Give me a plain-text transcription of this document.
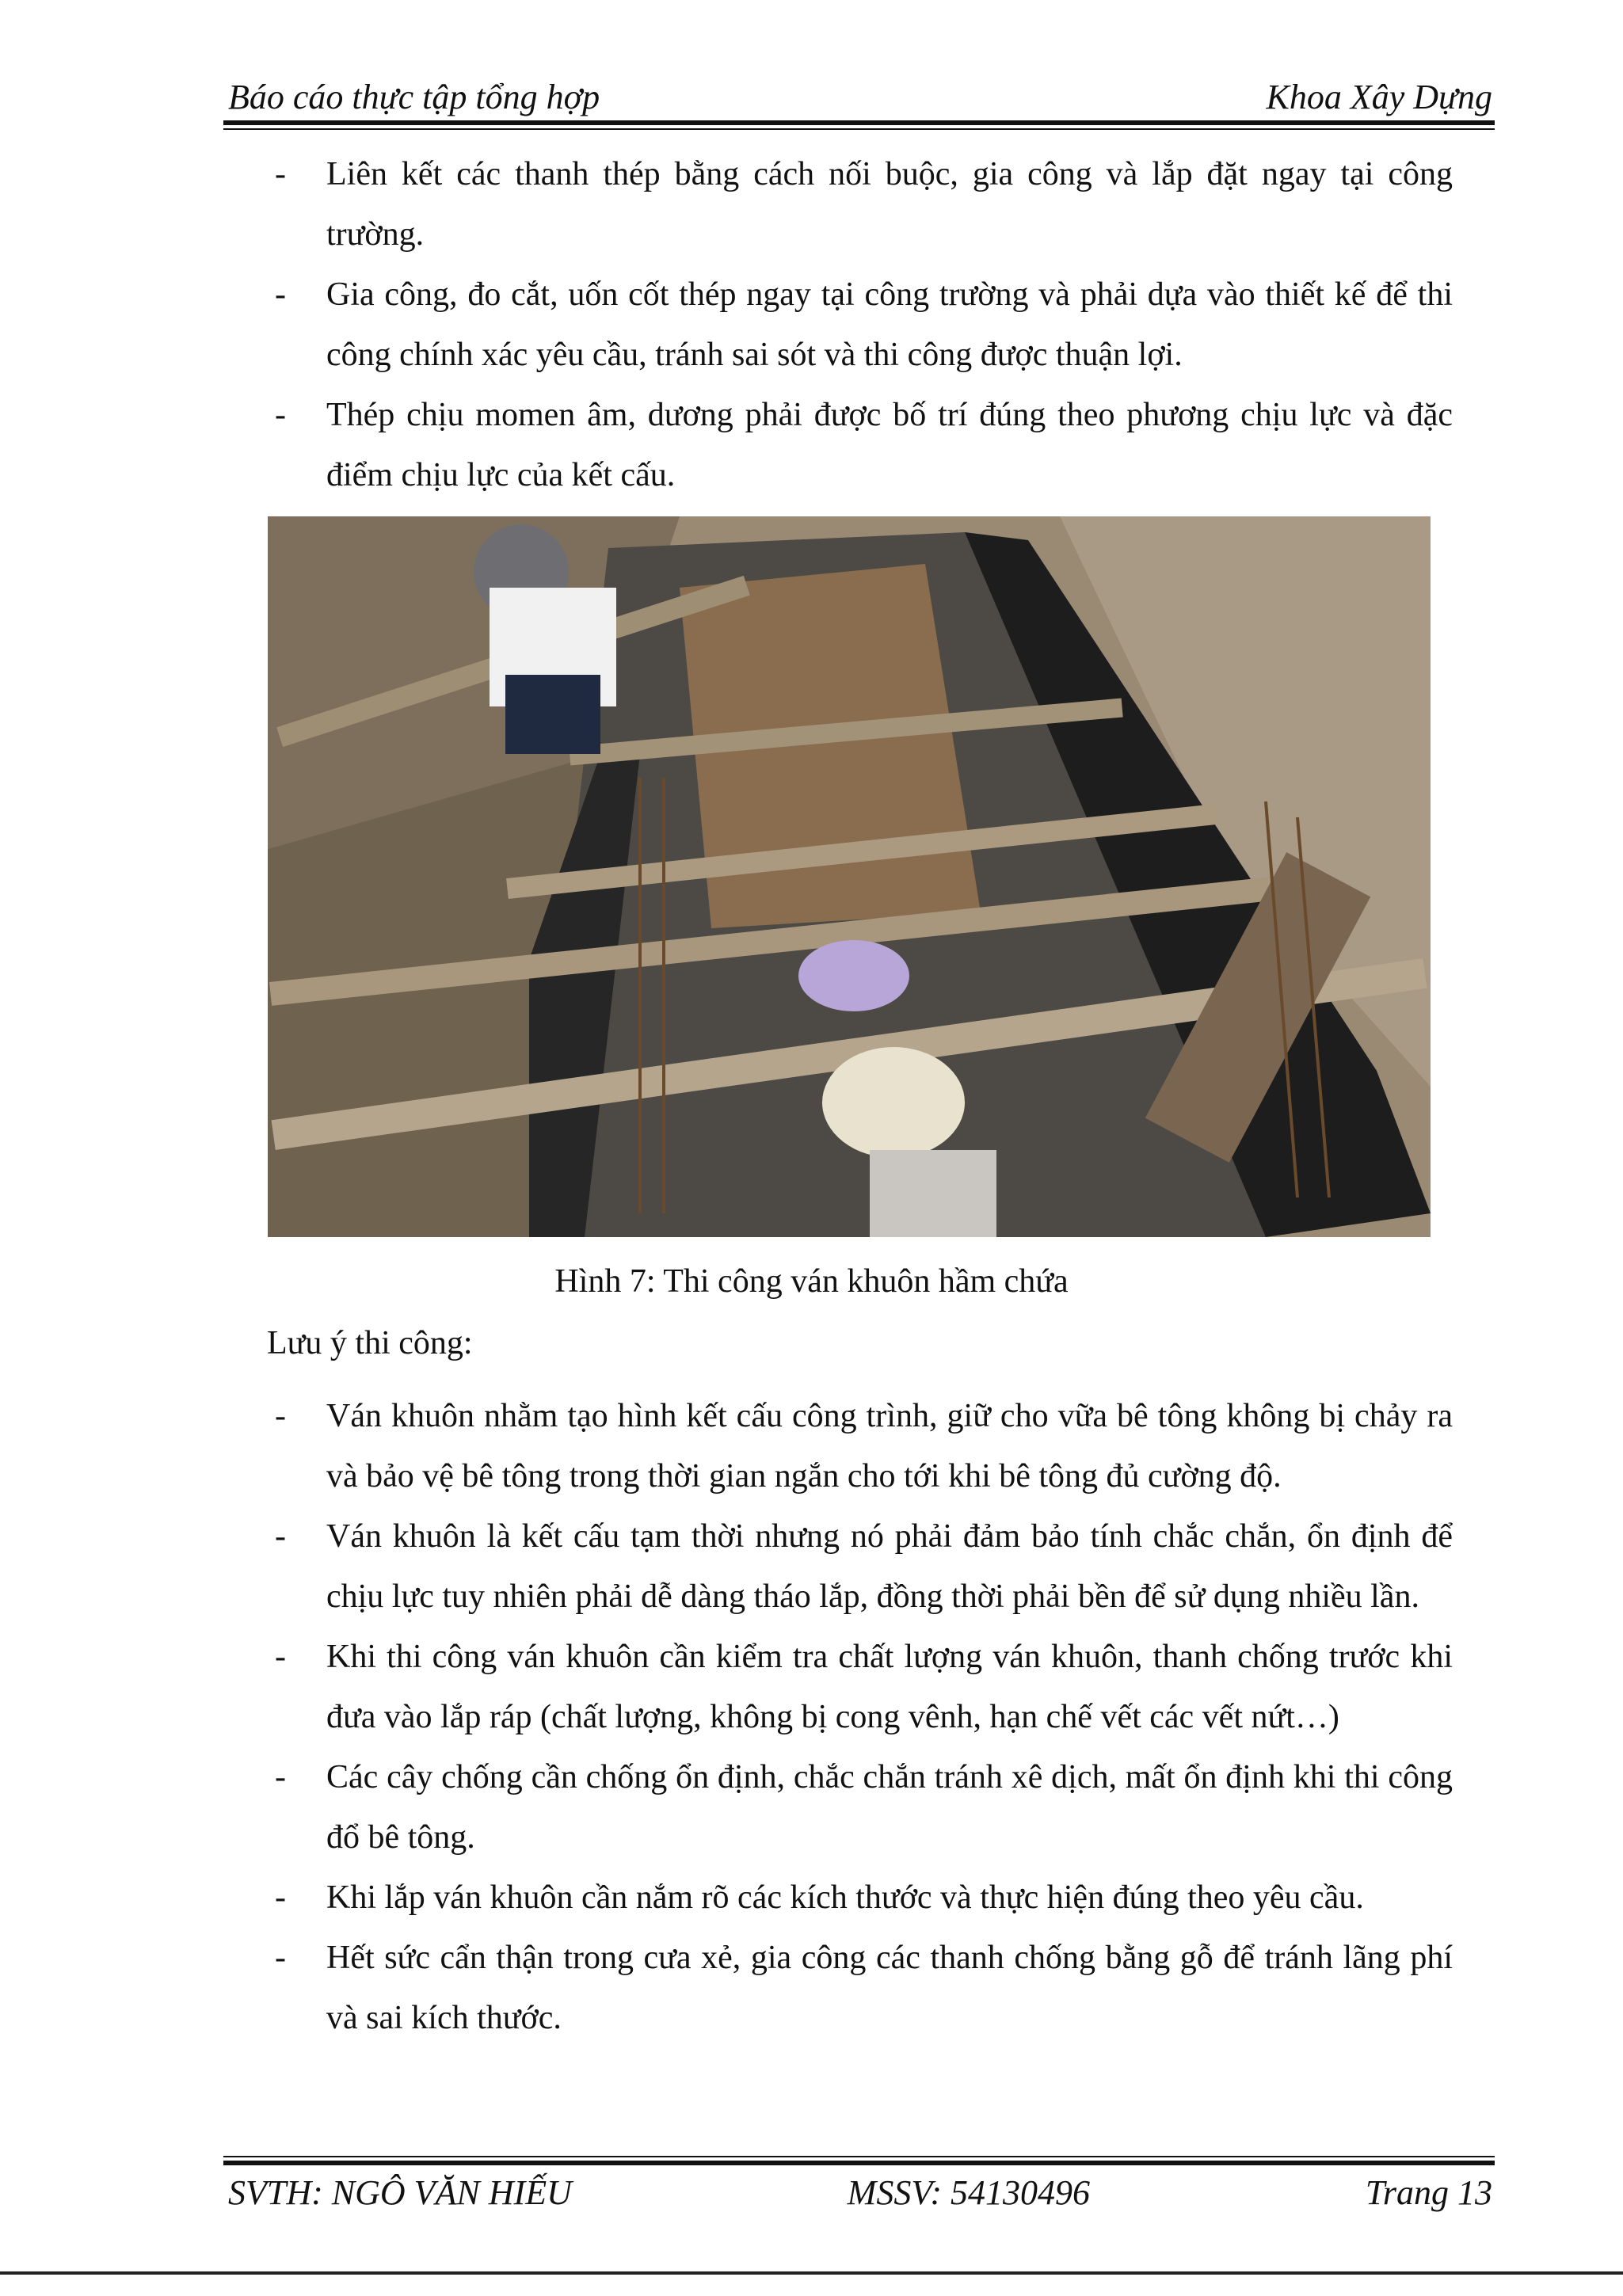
Báo cáo thực tập tổng hợp	Khoa Xây Dựng
- Liên kết các thanh thép bằng cách nối buộc, gia công và lắp đặt ngay tại công trường.
- Gia công, đo cắt, uốn cốt thép ngay tại công trường và phải dựa vào thiết kế để thi công chính xác yêu cầu, tránh sai sót và thi công được thuận lợi.
- Thép chịu momen âm, dương phải được bố trí đúng theo phương chịu lực và đặc điểm chịu lực của kết cấu.
Hình 7: Thi công ván khuôn hầm chứa
Lưu ý thi công:
- Ván khuôn nhằm tạo hình kết cấu công trình, giữ cho vữa bê tông không bị chảy ra và bảo vệ bê tông trong thời gian ngắn cho tới khi bê tông đủ cường độ.
- Ván khuôn là kết cấu tạm thời nhưng nó phải đảm bảo tính chắc chắn, ổn định để chịu lực tuy nhiên phải dễ dàng tháo lắp, đồng thời phải bền để sử dụng nhiều lần.
- Khi thi công ván khuôn cần kiểm tra chất lượng ván khuôn, thanh chống trước khi đưa vào lắp ráp (chất lượng, không bị cong vênh, hạn chế vết các vết nứt…)
- Các cây chống cần chống ổn định, chắc chắn tránh xê dịch, mất ổn định khi thi công đổ bê tông.
- Khi lắp ván khuôn cần nắm rõ các kích thước và thực hiện đúng theo yêu cầu.
- Hết sức cẩn thận trong cưa xẻ, gia công các thanh chống bằng gỗ để tránh lãng phí và sai kích thước.
SVTH: NGÔ VĂN HIẾU	MSSV: 54130496	Trang 13
